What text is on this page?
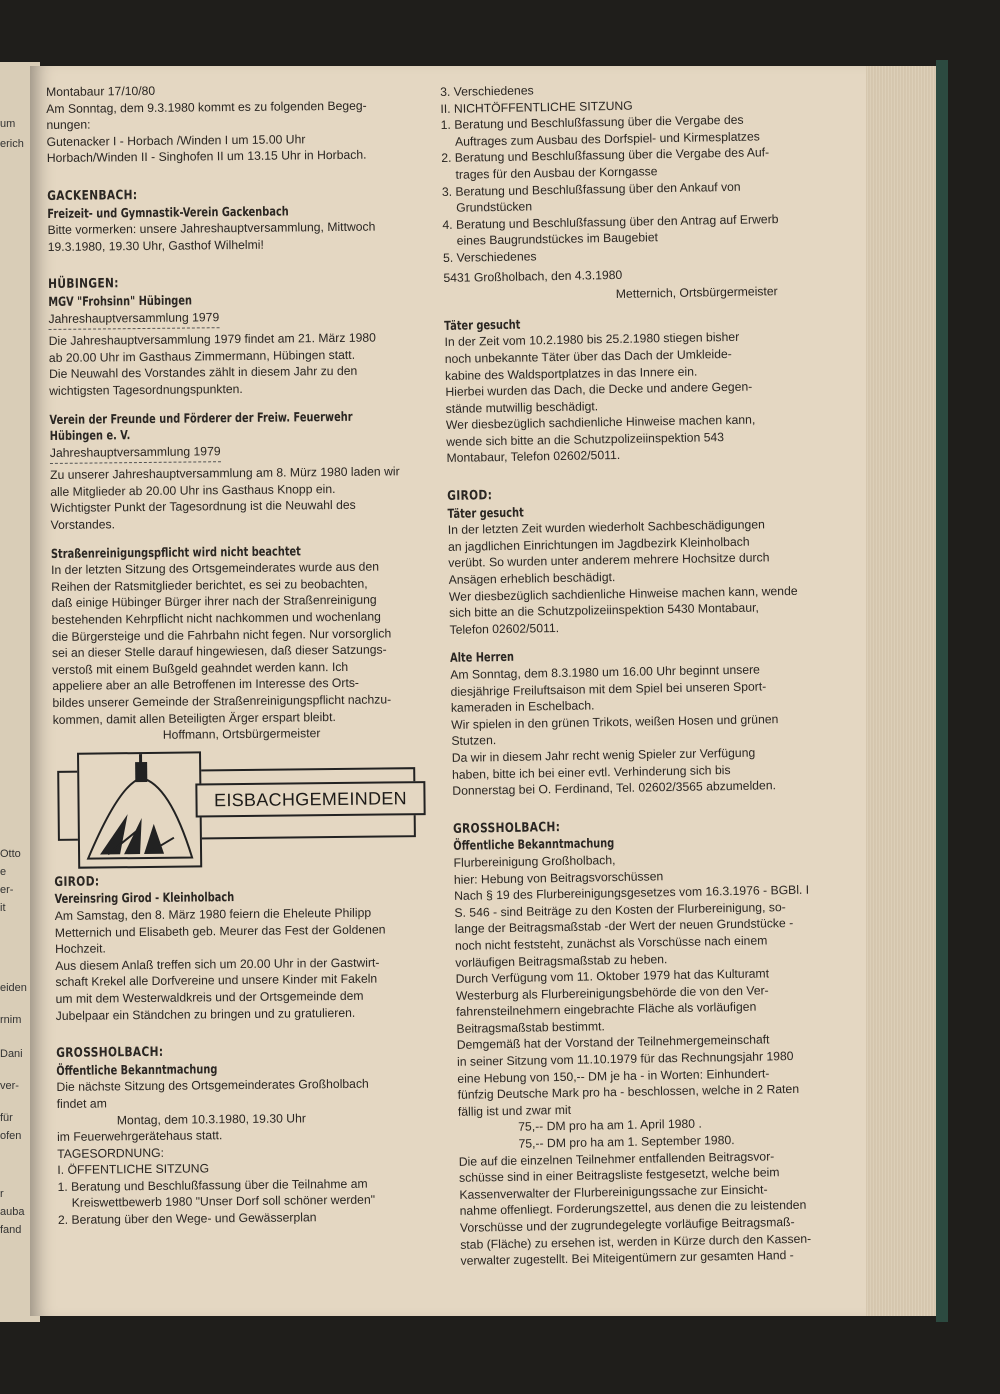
um
erich
Otto
e
er-
it
eiden
rnim
Dani
ver-
für
ofen
r
auba
fand

Montabaur 17/10/80

Am Sonntag, dem 9.3.1980 kommt es zu folgenden Begeg-

nungen:

Gutenacker I - Horbach /Winden I um 15.00 Uhr

Horbach/Winden II - Singhofen II um 13.15 Uhr in Horbach.

GACKENBACH:
Freizeit- und Gymnastik-Verein Gackenbach

Bitte vormerken: unsere Jahreshauptversammlung, Mittwoch

19.3.1980, 19.30 Uhr, Gasthof Wilhelmi!

HÜBINGEN:
MGV "Frohsinn" Hübingen

Jahreshauptversammlung 1979

Die Jahreshauptversammlung 1979 findet am 21. März 1980

ab 20.00 Uhr im Gasthaus Zimmermann, Hübingen statt.

Die Neuwahl des Vorstandes zählt in diesem Jahr zu den

wichtigsten Tagesordnungspunkten.

Verein der Freunde und Förderer der Freiw. Feuerwehr
Hübingen e. V.

Jahreshauptversammlung 1979

Zu unserer Jahreshauptversammlung am 8. Mürz 1980 laden wir

alle Mitglieder ab 20.00 Uhr ins Gasthaus Knopp ein.

Wichtigster Punkt der Tagesordnung ist die Neuwahl des

Vorstandes.

Straßenreinigungspflicht wird nicht beachtet

In der letzten Sitzung des Ortsgemeinderates wurde aus den

Reihen der Ratsmitglieder berichtet, es sei zu beobachten,

daß einige Hübinger Bürger ihrer nach der Straßenreinigung

bestehenden Kehrpflicht nicht nachkommen und wochenlang

die Bürgersteige und die Fahrbahn nicht fegen. Nur vorsorglich

sei an dieser Stelle darauf hingewiesen, daß dieser Satzungs-

verstoß mit einem Bußgeld geahndet werden kann. Ich

appeliere aber an alle Betroffenen im Interesse des Orts-

bildes unserer Gemeinde der Straßenreinigungspflicht nachzu-

kommen, damit allen Beteiligten Ärger erspart bleibt.

Hoffmann, Ortsbürgermeister

EISBACHGEMEINDEN
GIROD:
Vereinsring Girod - Kleinholbach

Am Samstag, den 8. März 1980 feiern die Eheleute Philipp

Metternich und Elisabeth geb. Meurer das Fest der Goldenen

Hochzeit.

Aus diesem Anlaß treffen sich um 20.00 Uhr in der Gastwirt-

schaft Krekel alle Dorfvereine und unsere Kinder mit Fakeln

um mit dem Westerwaldkreis und der Ortsgemeinde dem

Jubelpaar ein Ständchen zu bringen und zu gratulieren.

GROSSHOLBACH:
Öffentliche Bekanntmachung

Die nächste Sitzung des Ortsgemeinderates Großholbach

findet am

Montag, dem 10.3.1980, 19.30 Uhr

im Feuerwehrgerätehaus statt.

TAGESORDNUNG:

I. ÖFFENTLICHE SITZUNG

1. Beratung und Beschlußfassung über die Teilnahme am

Kreiswettbewerb 1980 "Unser Dorf soll schöner werden"

2. Beratung über den Wege- und Gewässerplan

3. Verschiedenes

II. NICHTÖFFENTLICHE SITZUNG

1. Beratung und Beschlußfassung über die Vergabe des

Auftrages zum Ausbau des Dorfspiel- und Kirmesplatzes

2. Beratung und Beschlußfassung über die Vergabe des Auf-

trages für den Ausbau der Korngasse

3. Beratung und Beschlußfassung über den Ankauf von

Grundstücken

4. Beratung und Beschlußfassung über den Antrag auf Erwerb

eines Baugrundstückes im Baugebiet

5. Verschiedenes

5431 Großholbach, den 4.3.1980

Metternich, Ortsbürgermeister

Täter gesucht

In der Zeit vom 10.2.1980 bis 25.2.1980 stiegen bisher

noch unbekannte Täter über das Dach der Umkleide-

kabine des Waldsportplatzes in das Innere ein.

Hierbei wurden das Dach, die Decke und andere Gegen-

stände mutwillig beschädigt.

Wer diesbezüglich sachdienliche Hinweise machen kann,

wende sich bitte an die Schutzpolizeiinspektion 543

Montabaur, Telefon 02602/5011.

GIROD:
Täter gesucht

In der letzten Zeit wurden wiederholt Sachbeschädigungen

an jagdlichen Einrichtungen im Jagdbezirk Kleinholbach

verübt. So wurden unter anderem mehrere Hochsitze durch

Ansägen erheblich beschädigt.

Wer diesbezüglich sachdienliche Hinweise machen kann, wende

sich bitte an die Schutzpolizeiinspektion 5430 Montabaur,

Telefon 02602/5011.

Alte Herren

Am Sonntag, dem 8.3.1980 um 16.00 Uhr beginnt unsere

diesjährige Freiluftsaison mit dem Spiel bei unseren Sport-

kameraden in Eschelbach.

Wir spielen in den grünen Trikots, weißen Hosen und grünen

Stutzen.

Da wir in diesem Jahr recht wenig Spieler zur Verfügung

haben, bitte ich bei einer evtl. Verhinderung sich bis

Donnerstag bei O. Ferdinand, Tel. 02602/3565 abzumelden.

GROSSHOLBACH:
Öffentliche Bekanntmachung

Flurbereinigung Großholbach,

hier: Hebung von Beitragsvorschüssen

Nach § 19 des Flurbereinigungsgesetzes vom 16.3.1976 - BGBl. I

S. 546 - sind Beiträge zu den Kosten der Flurbereinigung, so-

lange der Beitragsmaßstab -der Wert der neuen Grundstücke -

noch nicht feststeht, zunächst als Vorschüsse nach einem

vorläufigen Beitragsmaßstab zu heben.

Durch Verfügung vom 11. Oktober 1979 hat das Kulturamt

Westerburg als Flurbereinigungsbehörde die von den Ver-

fahrensteilnehmern eingebrachte Fläche als vorläufigen

Beitragsmaßstab bestimmt.

Demgemäß hat der Vorstand der Teilnehmergemeinschaft

in seiner Sitzung vom 11.10.1979 für das Rechnungsjahr 1980

eine Hebung von 150,-- DM je ha - in Worten: Einhundert-

fünfzig Deutsche Mark pro ha - beschlossen, welche in 2 Raten

fällig ist und zwar mit

75,-- DM pro ha am 1. April 1980 .

75,-- DM pro ha am 1. September 1980.

Die auf die einzelnen Teilnehmer entfallenden Beitragsvor-

schüsse sind in einer Beitragsliste festgesetzt, welche beim

Kassenverwalter der Flurbereinigungssache zur Einsicht-

nahme offenliegt. Forderungszettel, aus denen die zu leistenden

Vorschüsse und der zugrundegelegte vorläufige Beitragsmaß-

stab (Fläche) zu ersehen ist, werden in Kürze durch den Kassen-

verwalter zugestellt. Bei Miteigentümern zur gesamten Hand -
